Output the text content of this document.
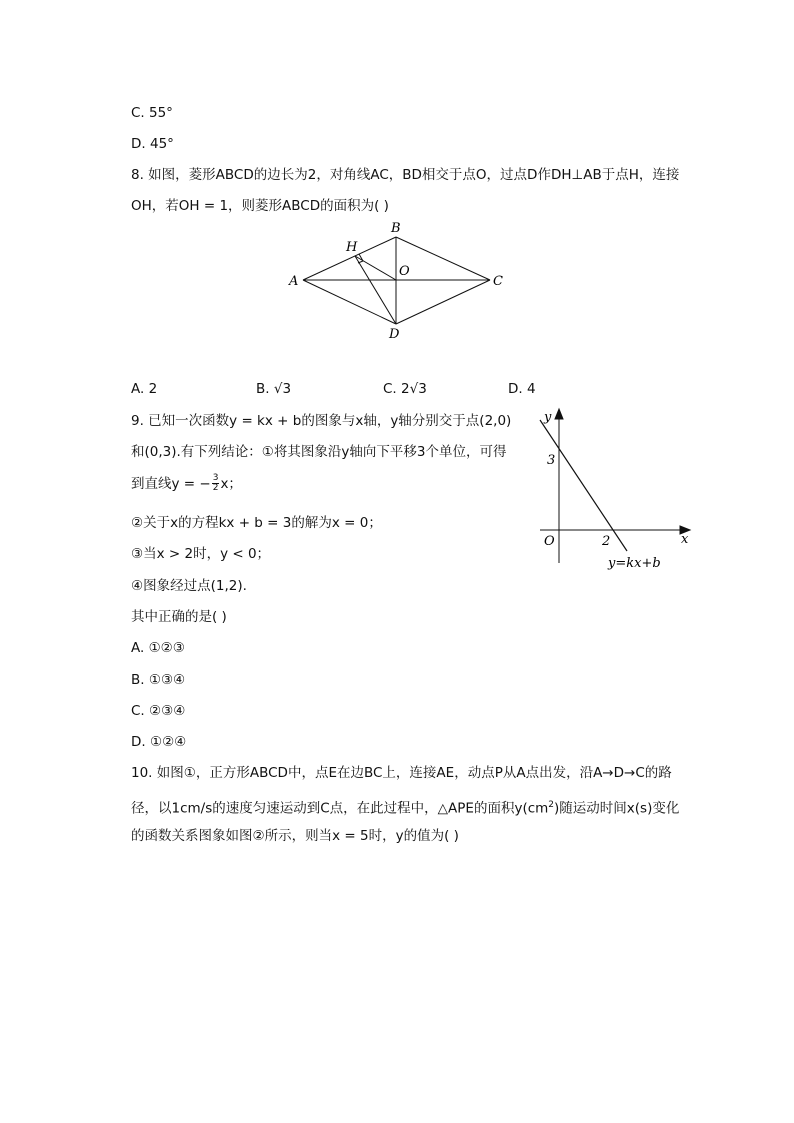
C. 55°
D. 45°
8. 如图，菱形ABCD的边长为2，对角线AC，BD相交于点O，过点D作DH⊥AB于点H，连接
OH，若OH = 1，则菱形ABCD的面积为( )
A
B
C
D
H
O
A. 2	B. √3	C. 2√3	D. 4
9. 已知一次函数y = kx + b的图象与x轴，y轴分别交于点(2,0)
和(0,3).有下列结论：①将其图象沿y轴向下平移3个单位，可得
到直线y = − $\frac{3}{2}$ x；
②关于x的方程kx + b = 3的解为x = 0；
③当x > 2时，y < 0；
④图象经过点(1,2).
其中正确的是( )
y
x
O
3
2
y=kx+b
A. ①②③
B. ①③④
C. ②③④
D. ①②④
10. 如图①，正方形ABCD中，点E在边BC上，连接AE，动点P从A点出发，沿A→D→C的路
径，以1cm/s的速度匀速运动到C点，在此过程中，△APE的面积$y(cm^2)$随运动时间x(s)变化
的函数关系图象如图②所示，则当x = 5时，y的值为( )
